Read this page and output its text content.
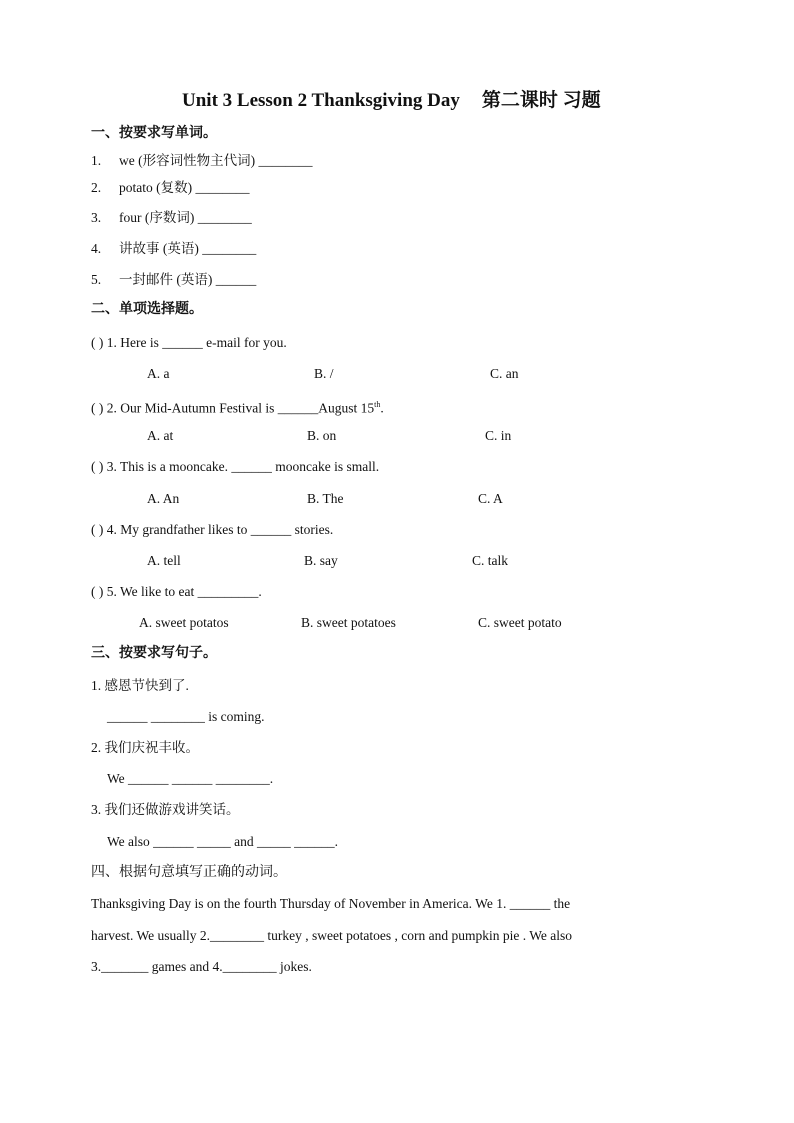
Unit 3 Lesson 2 Thanksgiving Day 第二课时 习题
一、按要求写单词。
1. we (形容词性物主代词) ________
2. potato (复数) ________
3. four (序数词) ________
4. 讲故事 (英语) ________
5. 一封邮件 (英语) ______
二、单项选择题。
( ) 1. Here is ______ e-mail for you.
A. a	B. /	C. an
( ) 2. Our Mid-Autumn Festival is ______August 15th.
A. at	B. on	C. in
( ) 3. This is a mooncake. ______ mooncake is small.
A. An	B. The	C. A
( ) 4. My grandfather likes to ______ stories.
A. tell	B. say	C. talk
( ) 5. We like to eat _________.
A. sweet potatos	B. sweet potatoes	C. sweet potato
三、按要求写句子。
1. 感恩节快到了.
______ ________ is coming.
2. 我们庆祝丰收。
We ______ ______ ________.
3. 我们还做游戏讲笑话。
We also ______ _____ and _____ ______.
四、根据句意填写正确的动词。
Thanksgiving Day is on the fourth Thursday of November in America. We 1. ______ the
harvest. We usually 2.________ turkey , sweet potatoes , corn and pumpkin pie . We also
3._______ games and 4.________ jokes.
